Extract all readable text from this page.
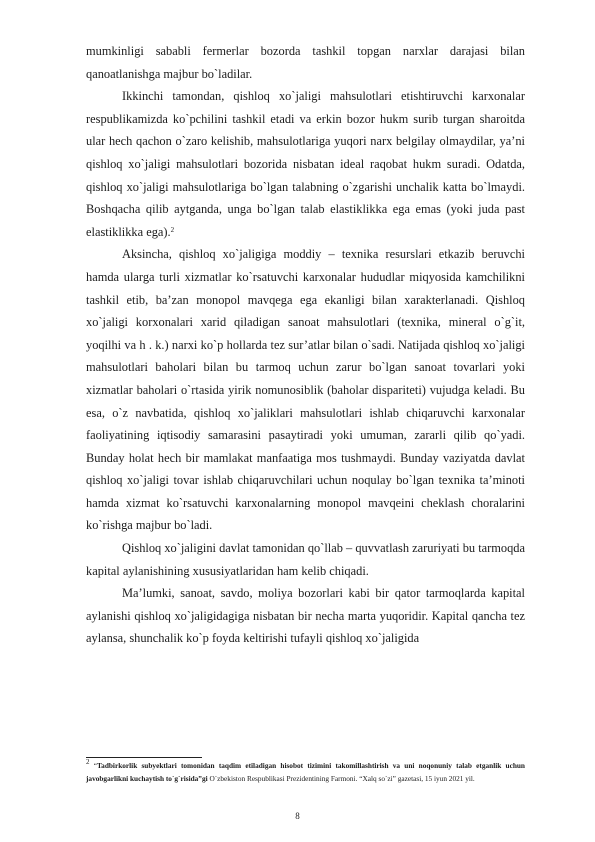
mumkinligi sababli fermerlar bozorda tashkil topgan narxlar darajasi bilan qanoatlanishga majbur bo`ladilar.

Ikkinchi tamondan, qishloq xo`jaligi mahsulotlari etishtiruvchi karxonalar respublikamizda ko`pchilini tashkil etadi va erkin bozor hukm surib turgan sharoitda ular hech qachon o`zaro kelishib, mahsulotlariga yuqori narx belgilay olmaydilar, ya’ni qishloq xo`jaligi mahsulotlari bozorida nisbatan ideal raqobat hukm suradi. Odatda, qishloq xo`jaligi mahsulotlariga bo`lgan talabning o`zgarishi unchalik katta bo`lmaydi. Boshqacha qilib aytganda, unga bo`lgan talab elastiklikka ega emas (yoki juda past elastiklikka ega).$^2$

Aksincha, qishloq xo`jaligiga moddiy – texnika resurslari etkazib beruvchi hamda ularga turli xizmatlar ko`rsatuvchi karxonalar hududlar miqyosida kamchilikni tashkil etib, ba’zan monopol mavqega ega ekanligi bilan xarakterlanadi. Qishloq xo`jaligi korxonalari xarid qiladigan sanoat mahsulotlari (texnika, mineral o`g`it, yoqilhi va h . k.) narxi ko`p hollarda tez sur’atlar bilan o`sadi. Natijada qishloq xo`jaligi mahsulotlari baholari bilan bu tarmoq uchun zarur bo`lgan sanoat tovarlari yoki xizmatlar baholari o`rtasida yirik nomunosiblik (baholar dispariteti) vujudga keladi. Bu esa, o`z navbatida, qishloq xo`jaliklari mahsulotlari ishlab chiqaruvchi karxonalar faoliyatining iqtisodiy samarasini pasaytiradi yoki umuman, zararli qilib qo`yadi. Bunday holat hech bir mamlakat manfaatiga mos tushmaydi. Bunday vaziyatda davlat qishloq xo`jaligi tovar ishlab chiqaruvchilari uchun noqulay bo`lgan texnika ta’minoti hamda xizmat ko`rsatuvchi karxonalarning monopol mavqeini cheklash choralarini ko`rishga majbur bo`ladi.

Qishloq xo`jaligini davlat tamonidan qo`llab – quvvatlash zaruriyati bu tarmoqda kapital aylanishining xususiyatlaridan ham kelib chiqadi.

Ma’lumki, sanoat, savdo, moliya bozorlari kabi bir qator tarmoqlarda kapital aylanishi qishloq xo`jaligidagiga nisbatan bir necha marta yuqoridir. Kapital qancha tez aylansa, shunchalik ko`p foyda keltirishi tufayli qishloq xo`jaligida

$^2$ “Tadbirkorlik subyektlari tomonidan taqdim etiladigan hisobot tizimini takomillashtirish va uni noqonuniy talab etganlik uchun javobgarlikni kuchaytish to`g`risida”gi O`zbekiston Respublikasi Prezidentining Farmoni. “Xalq so`zi” gazetasi, 15 iyun 2021 yil.

8
